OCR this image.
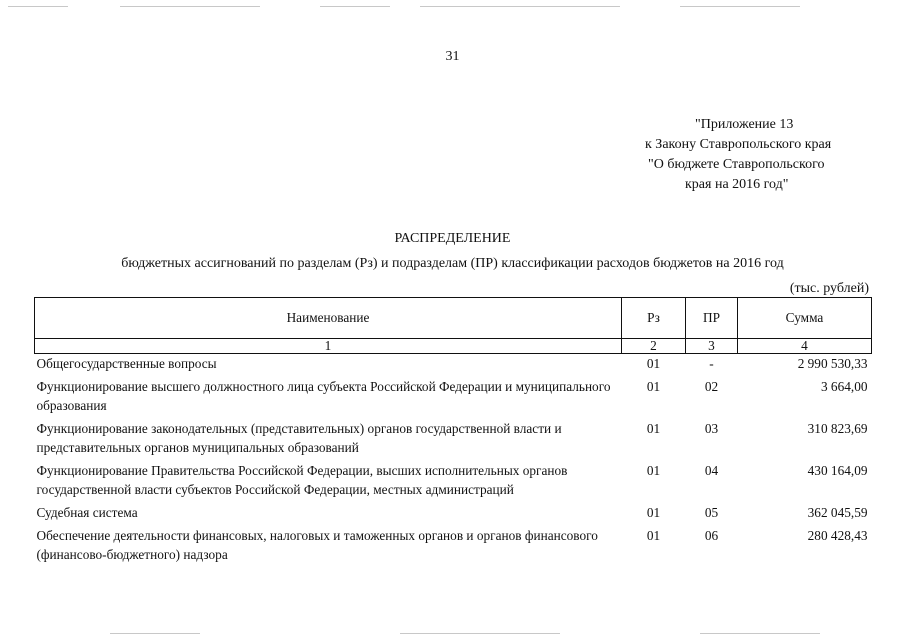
31
"Приложение 13
к Закону Ставропольского края
"О бюджете Ставропольского
края на 2016 год"
РАСПРЕДЕЛЕНИЕ
бюджетных ассигнований по разделам (Рз) и подразделам (ПР) классификации расходов бюджетов на 2016 год
(тыс. рублей)
Наименование	Рз	ПР	Сумма
1	2	3	4
Общегосударственные вопросы	01	-	2 990 530,33
Функционирование высшего должностного лица субъекта Российской Федерации и муниципального образования	01	02	3 664,00
Функционирование законодательных (представительных) органов государственной власти и представительных органов муниципальных образований	01	03	310 823,69
Функционирование Правительства Российской Федерации, высших исполнительных органов государственной власти субъектов Российской Федерации, местных администраций	01	04	430 164,09
Судебная система	01	05	362 045,59
Обеспечение деятельности финансовых, налоговых и таможенных органов и органов финансового (финансово-бюджетного) надзора	01	06	280 428,43
